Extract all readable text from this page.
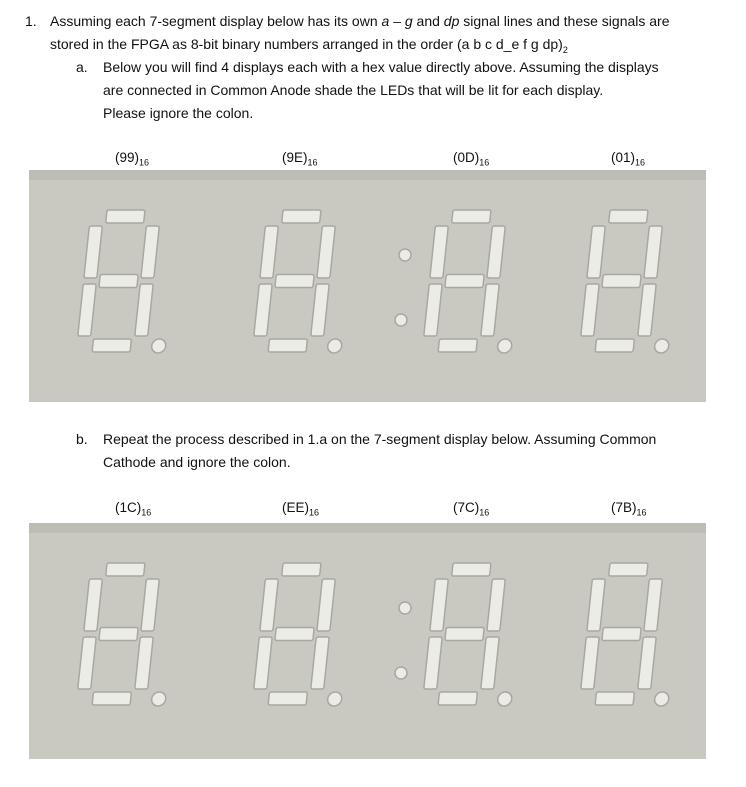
1. Assuming each 7-segment display below has its own a – g and dp signal lines and these signals are
stored in the FPGA as 8-bit binary numbers arranged in the order (a b c d_e f g $dp)_2$
a. Below you will find 4 displays each with a hex value directly above. Assuming the displays
are connected in Common Anode shade the LEDs that will be lit for each display.
Please ignore the colon.
$(99)_{16}$	$(9E)_{16}$	$(0D)_{16}$	$(01)_{16}$
b. Repeat the process described in 1.a on the 7-segment display below. Assuming Common
Cathode and ignore the colon.
$(1C)_{16}$	$(EE)_{16}$	$(7C)_{16}$	$(7B)_{16}$
